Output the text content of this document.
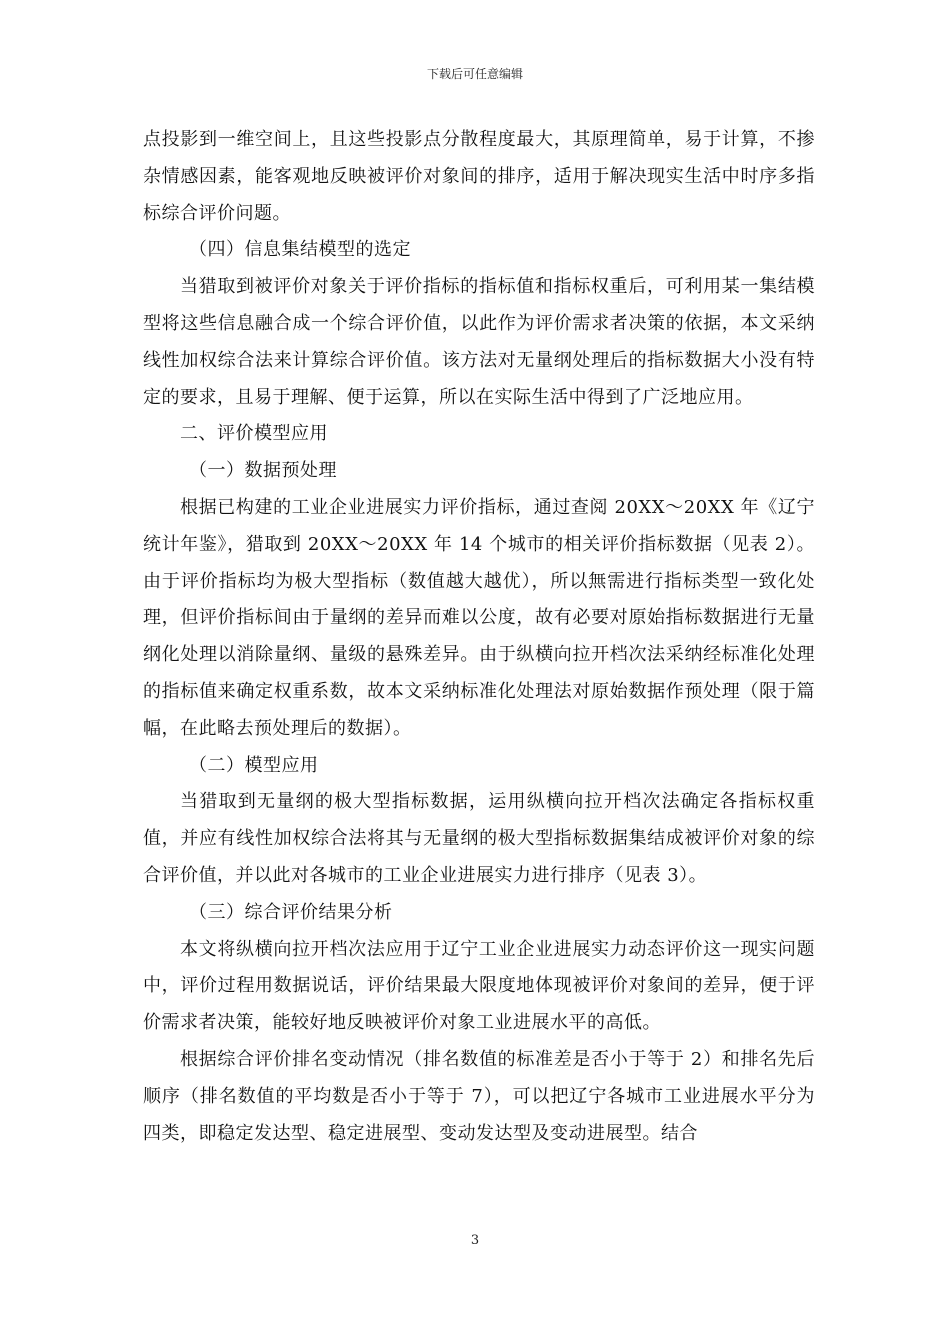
下载后可任意编辑

点投影到一维空间上，且这些投影点分散程度最大，其原理简单，易于计算，不掺杂情感因素，能客观地反映被评价对象间的排序，适用于解决现实生活中时序多指标综合评价问题。

（四）信息集结模型的选定

当猎取到被评价对象关于评价指标的指标值和指标权重后，可利用某一集结模型将这些信息融合成一个综合评价值，以此作为评价需求者决策的依据，本文采纳线性加权综合法来计算综合评价值。该方法对无量纲处理后的指标数据大小没有特定的要求，且易于理解、便于运算，所以在实际生活中得到了广泛地应用。

二、评价模型应用

（一）数据预处理

根据已构建的工业企业进展实力评价指标，通过查阅 20XX～20XX 年《辽宁统计年鉴》，猎取到 20XX～20XX 年 14 个城市的相关评价指标数据（见表 2）。由于评价指标均为极大型指标（数值越大越优），所以無需进行指标类型一致化处理，但评价指标间由于量纲的差异而难以公度，故有必要对原始指标数据进行无量纲化处理以消除量纲、量级的悬殊差异。由于纵横向拉开档次法采纳经标准化处理的指标值来确定权重系数，故本文采纳标准化处理法对原始数据作预处理（限于篇幅，在此略去预处理后的数据）。

（二）模型应用

当猎取到无量纲的极大型指标数据，运用纵横向拉开档次法确定各指标权重值，并应有线性加权综合法将其与无量纲的极大型指标数据集结成被评价对象的综合评价值，并以此对各城市的工业企业进展实力进行排序（见表 3）。

（三）综合评价结果分析

本文将纵横向拉开档次法应用于辽宁工业企业进展实力动态评价这一现实问题中，评价过程用数据说话，评价结果最大限度地体现被评价对象间的差异，便于评价需求者决策，能较好地反映被评价对象工业进展水平的高低。

根据综合评价排名变动情况（排名数值的标准差是否小于等于 2）和排名先后顺序（排名数值的平均数是否小于等于 7），可以把辽宁各城市工业进展水平分为四类，即稳定发达型、稳定进展型、变动发达型及变动进展型。结合

3
